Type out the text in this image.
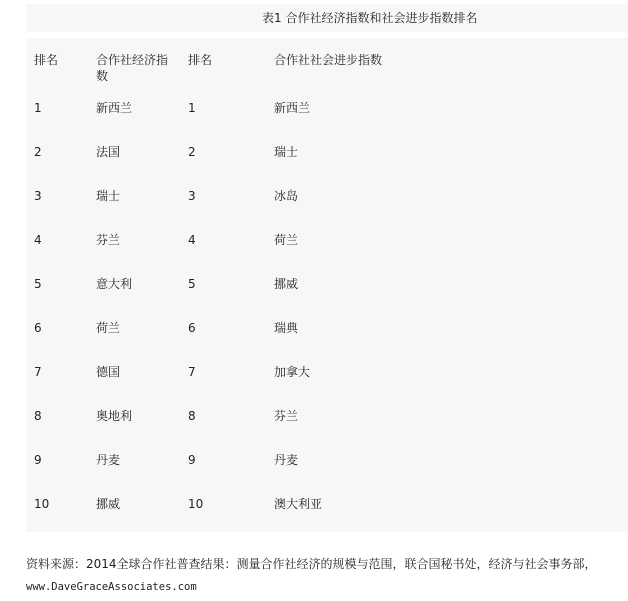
表1 合作社经济指数和社会进步指数排名
排名	合作社经济指数	排名	合作社社会进步指数
1	新西兰	1	新西兰
2	法国	2	瑞士
3	瑞士	3	冰岛
4	芬兰	4	荷兰
5	意大利	5	挪威
6	荷兰	6	瑞典
7	德国	7	加拿大
8	奥地利	8	芬兰
9	丹麦	9	丹麦
10	挪威	10	澳大利亚
资料来源：2014全球合作社普查结果：测量合作社经济的规模与范围，联合国秘书处，经济与社会事务部，
www.DaveGraceAssociates.com
